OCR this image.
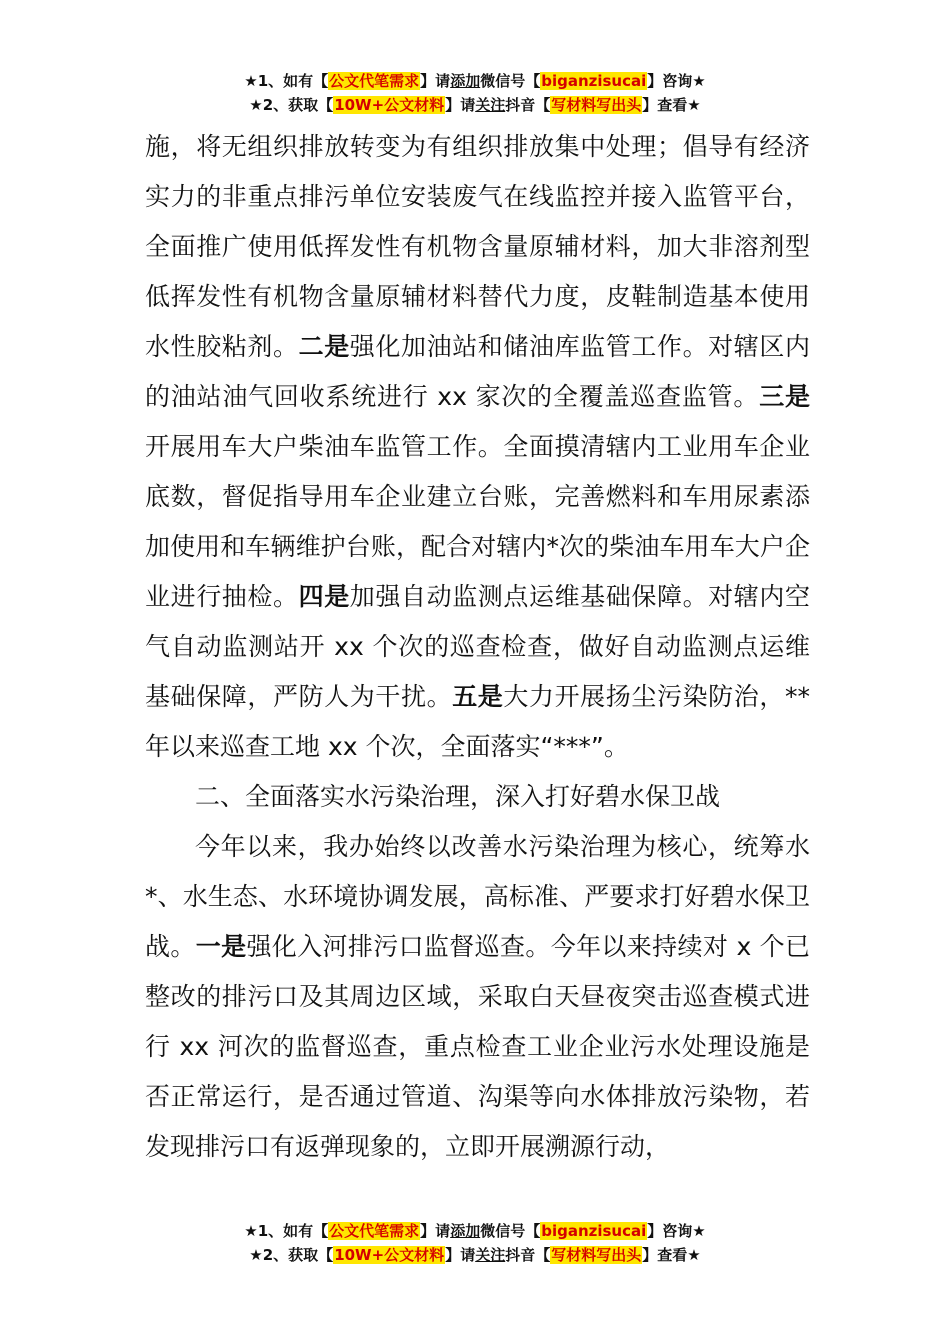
★1、如有【公文代笔需求】请添加微信号【biganzisucai】咨询★
★2、获取【10W+公文材料】请关注抖音【写材料写出头】查看★

施，将无组织排放转变为有组织排放集中处理；倡导有经济实力的非重点排污单位安装废气在线监控并接入监管平台，全面推广使用低挥发性有机物含量原辅材料，加大非溶剂型低挥发性有机物含量原辅材料替代力度，皮鞋制造基本使用水性胶粘剂。二是强化加油站和储油库监管工作。对辖区内的油站油气回收系统进行 xx 家次的全覆盖巡查监管。三是开展用车大户柴油车监管工作。全面摸清辖内工业用车企业底数，督促指导用车企业建立台账，完善燃料和车用尿素添加使用和车辆维护台账，配合对辖内*次的柴油车用车大户企业进行抽检。四是加强自动监测点运维基础保障。对辖内空气自动监测站开 xx 个次的巡查检查，做好自动监测点运维基础保障，严防人为干扰。五是大力开展扬尘污染防治，**年以来巡查工地 xx 个次，全面落实“***”。

二、全面落实水污染治理，深入打好碧水保卫战

今年以来，我办始终以改善水污染治理为核心，统筹水*、水生态、水环境协调发展，高标准、严要求打好碧水保卫战。一是强化入河排污口监督巡查。今年以来持续对 x 个已整改的排污口及其周边区域，采取白天昼夜突击巡查模式进行 xx 河次的监督巡查，重点检查工业企业污水处理设施是否正常运行，是否通过管道、沟渠等向水体排放污染物，若发现排污口有返弹现象的，立即开展溯源行动，

★1、如有【公文代笔需求】请添加微信号【biganzisucai】咨询★
★2、获取【10W+公文材料】请关注抖音【写材料写出头】查看★
